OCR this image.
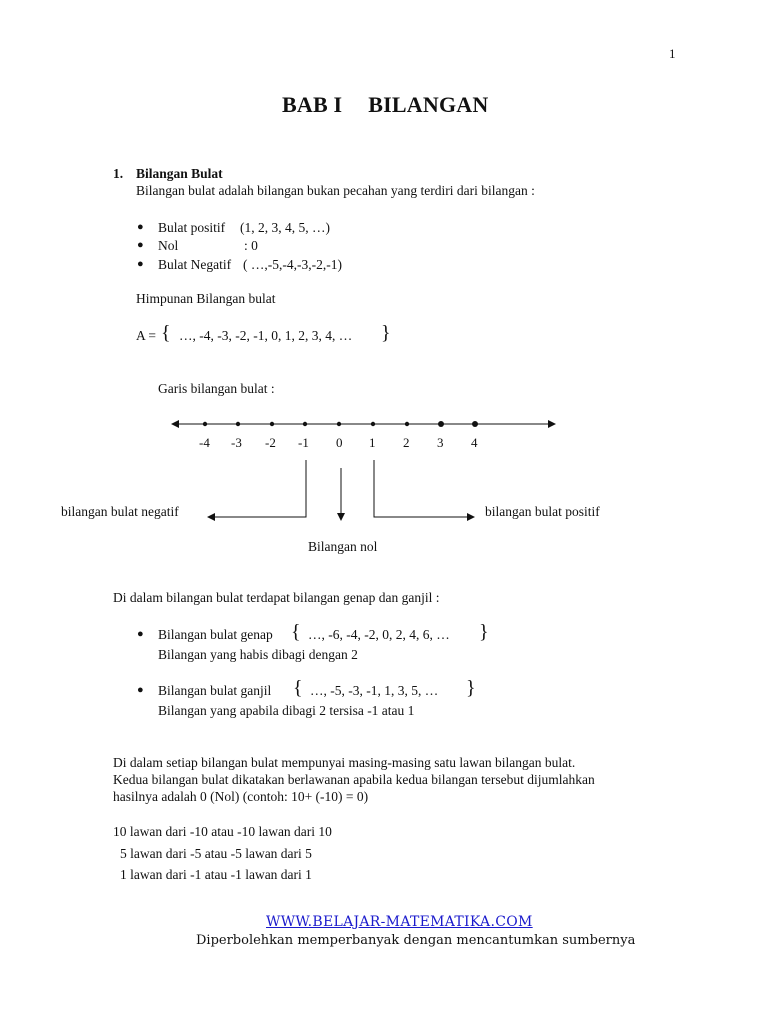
1
BAB I BILANGAN
1. Bilangan Bulat
Bilangan bulat adalah bilangan bukan pecahan yang terdiri dari bilangan :
● Bulat positif (1, 2, 3, 4, 5, …)
● Nol	: 0
● Bulat Negatif ( …,-5,-4,-3,-2,-1)
Himpunan Bilangan bulat
A = { …, -4, -3, -2, -1, 0, 1, 2, 3, 4, … }
Garis bilangan bulat :
-4 -3 -2 -1 0 1 2 3 4
bilangan bulat negatif	bilangan bulat positif
Bilangan nol
Di dalam bilangan bulat terdapat bilangan genap dan ganjil :
● Bilangan bulat genap { …, -6, -4, -2, 0, 2, 4, 6, … }
Bilangan yang habis dibagi dengan 2
● Bilangan bulat ganjil { …, -5, -3, -1, 1, 3, 5, … }
Bilangan yang apabila dibagi 2 tersisa -1 atau 1
Di dalam setiap bilangan bulat mempunyai masing-masing satu lawan bilangan bulat.
Kedua bilangan bulat dikatakan berlawanan apabila kedua bilangan tersebut dijumlahkan
hasilnya adalah 0 (Nol) (contoh: 10+ (-10) = 0)
10 lawan dari -10 atau -10 lawan dari 10
5 lawan dari -5 atau -5 lawan dari 5
1 lawan dari -1 atau -1 lawan dari 1
WWW.BELAJAR-MATEMATIKA.COM
Diperbolehkan memperbanyak dengan mencantumkan sumbernya
